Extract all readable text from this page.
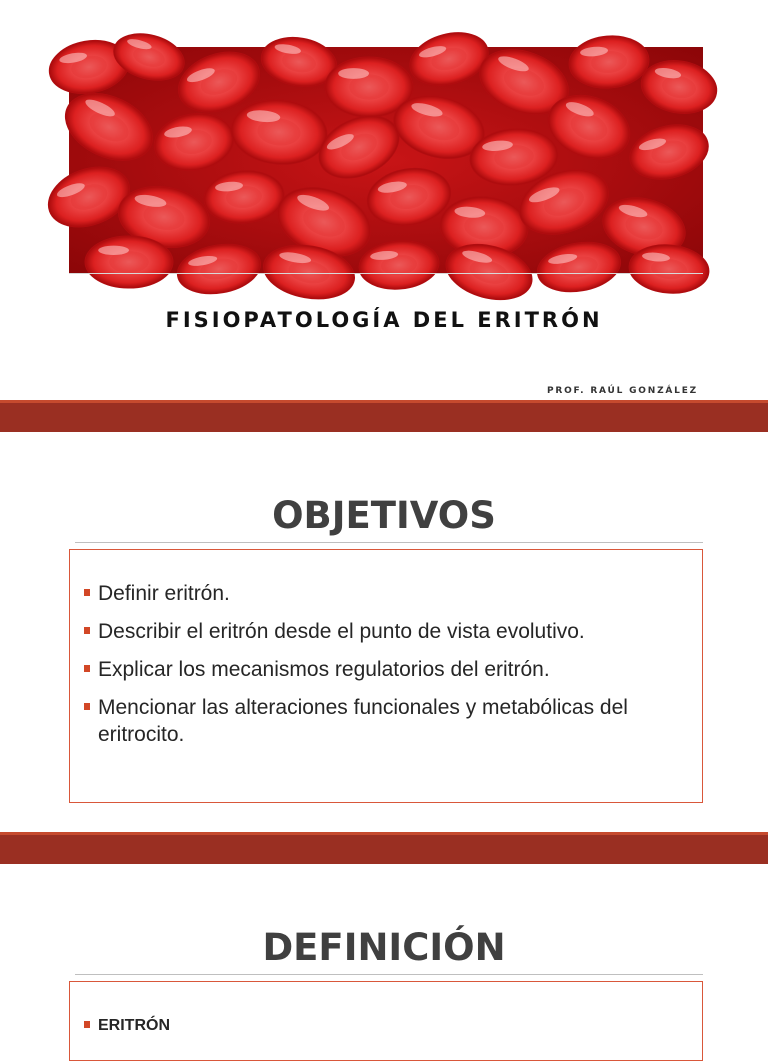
FISIOPATOLOGÍA DEL ERITRÓN
PROF. RAÚL GONZÁLEZ
OBJETIVOS
Definir eritrón.
Describir el eritrón desde el punto de vista evolutivo.
Explicar los mecanismos regulatorios del eritrón.
Mencionar las alteraciones funcionales y metabólicas del eritrocito.
DEFINICIÓN
ERITRÓN
